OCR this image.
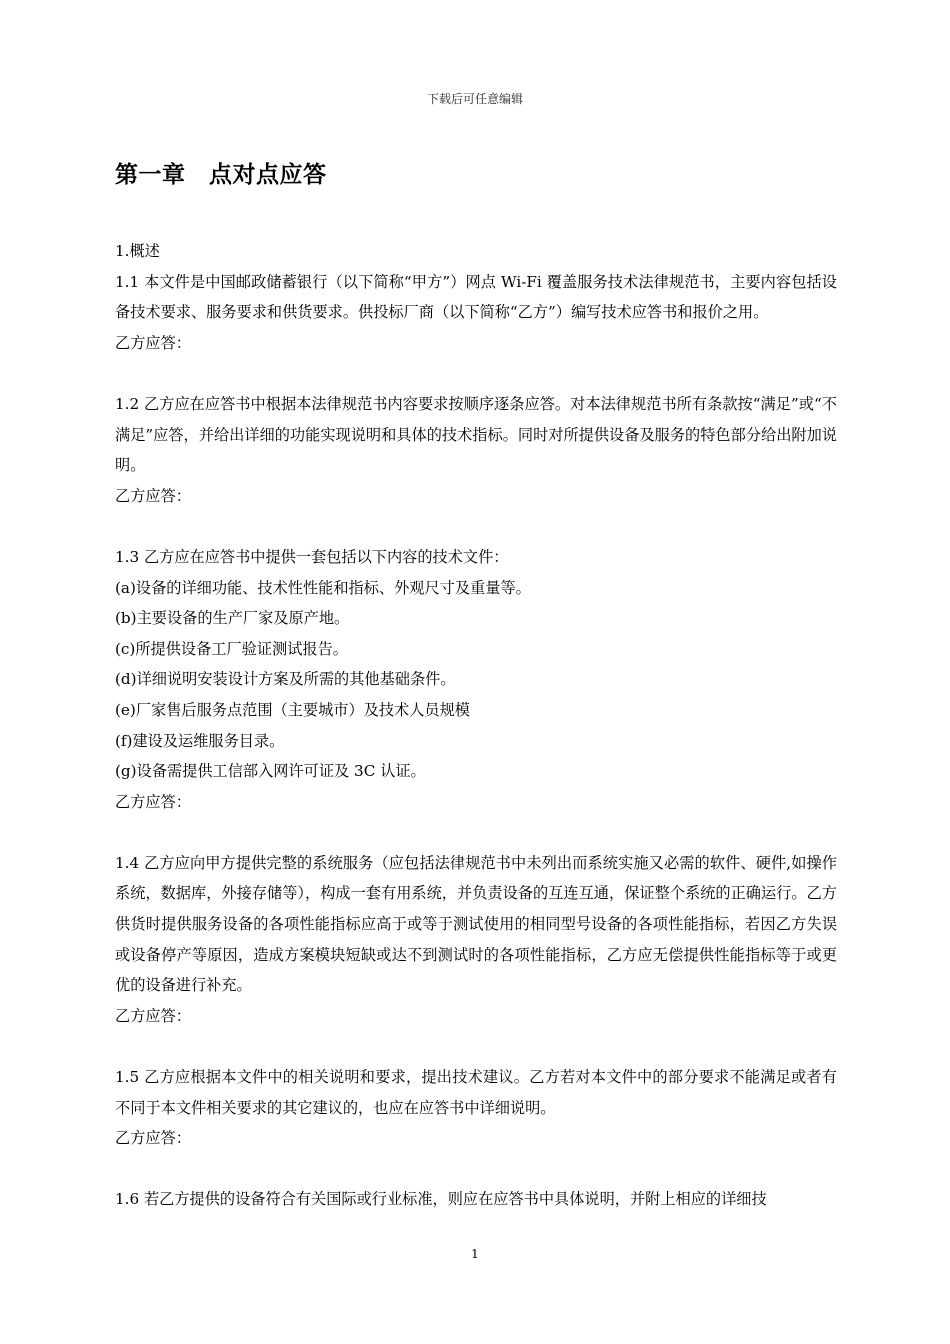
下载后可任意编辑
第一章　点对点应答

1.概述

1.1 本文件是中国邮政储蓄银行（以下简称“甲方”）网点 Wi-Fi 覆盖服务技术法律规范书，主要内容包括设备技术要求、服务要求和供货要求。供投标厂商（以下简称“乙方”）编写技术应答书和报价之用。

乙方应答：

1.2 乙方应在应答书中根据本法律规范书内容要求按顺序逐条应答。对本法律规范书所有条款按“满足”或“不满足”应答，并给出详细的功能实现说明和具体的技术指标。同时对所提供设备及服务的特色部分给出附加说明。

乙方应答：

1.3 乙方应在应答书中提供一套包括以下内容的技术文件：

(a)设备的详细功能、技术性性能和指标、外观尺寸及重量等。

(b)主要设备的生产厂家及原产地。

(c)所提供设备工厂验证测试报告。

(d)详细说明安装设计方案及所需的其他基础条件。

(e)厂家售后服务点范围（主要城市）及技术人员规模

(f)建设及运维服务目录。

(g)设备需提供工信部入网许可证及 3C 认证。

乙方应答：

1.4 乙方应向甲方提供完整的系统服务（应包括法律规范书中未列出而系统实施又必需的软件、硬件,如操作系统，数据库，外接存储等），构成一套有用系统，并负责设备的互连互通，保证整个系统的正确运行。乙方供货时提供服务设备的各项性能指标应高于或等于测试使用的相同型号设备的各项性能指标，若因乙方失误或设备停产等原因，造成方案模块短缺或达不到测试时的各项性能指标，乙方应无偿提供性能指标等于或更优的设备进行补充。

乙方应答：

1.5 乙方应根据本文件中的相关说明和要求，提出技术建议。乙方若对本文件中的部分要求不能满足或者有不同于本文件相关要求的其它建议的，也应在应答书中详细说明。

乙方应答：

1.6 若乙方提供的设备符合有关国际或行业标准，则应在应答书中具体说明，并附上相应的详细技

1
